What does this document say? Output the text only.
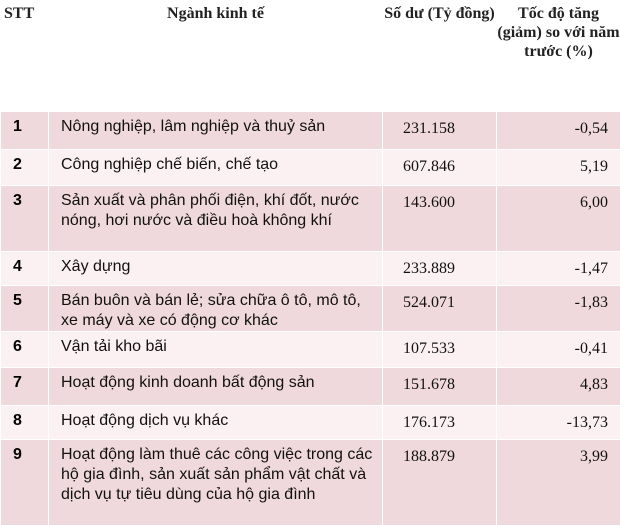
STT	Ngành kinh tế	Số dư (Tỷ đồng)	Tốc độ tăng (giảm) so với năm trước (%)
1	Nông nghiệp, lâm nghiệp và thuỷ sản	231.158	-0,54
2	Công nghiệp chế biến, chế tạo	607.846	5,19
3	Sản xuất và phân phối điện, khí đốt, nước nóng, hơi nước và điều hoà không khí	143.600	6,00
4	Xây dựng	233.889	-1,47
5	Bán buôn và bán lẻ; sửa chữa ô tô, mô tô, xe máy và xe có động cơ khác	524.071	-1,83
6	Vận tải kho bãi	107.533	-0,41
7	Hoạt động kinh doanh bất động sản	151.678	4,83
8	Hoạt động dịch vụ khác	176.173	-13,73
9	Hoạt động làm thuê các công việc trong các hộ gia đình, sản xuất sản phẩm vật chất và dịch vụ tự tiêu dùng của hộ gia đình	188.879	3,99
